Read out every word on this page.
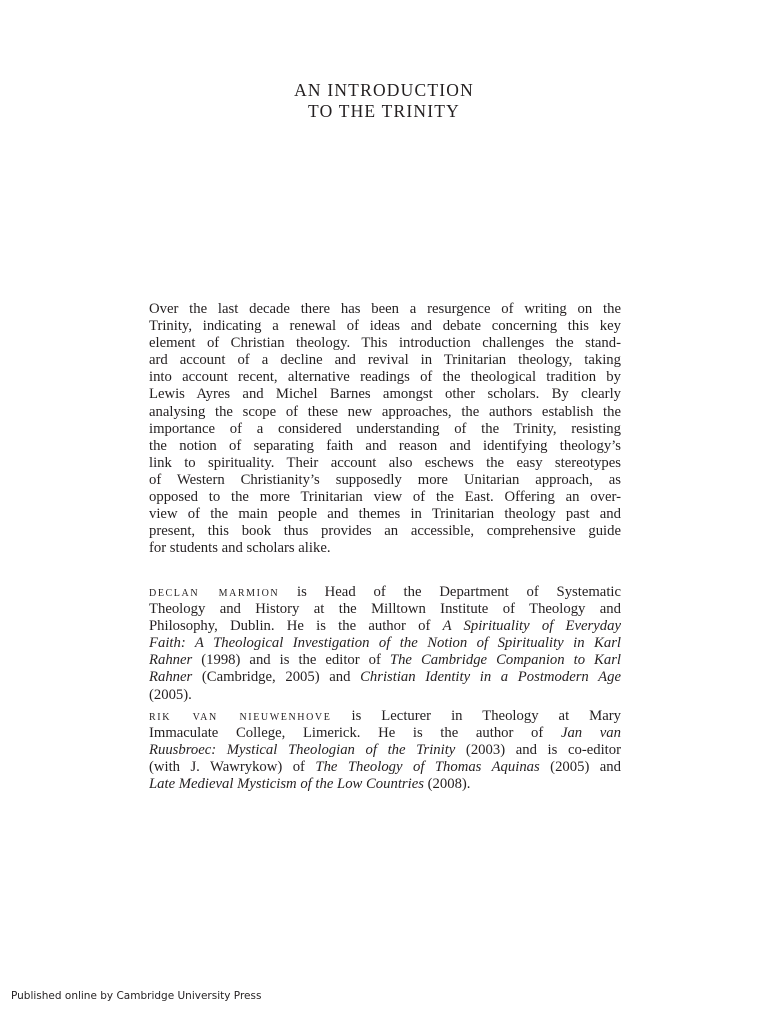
AN INTRODUCTION
TO THE TRINITY
Over the last decade there has been a resurgence of writing on the
Trinity, indicating a renewal of ideas and debate concerning this key
element of Christian theology. This introduction challenges the stand-
ard account of a decline and revival in Trinitarian theology, taking
into account recent, alternative readings of the theological tradition by
Lewis Ayres and Michel Barnes amongst other scholars. By clearly
analysing the scope of these new approaches, the authors establish the
importance of a considered understanding of the Trinity, resisting
the notion of separating faith and reason and identifying theology’s
link to spirituality. Their account also eschews the easy stereotypes
of Western Christianity’s supposedly more Unitarian approach, as
opposed to the more Trinitarian view of the East. Offering an over-
view of the main people and themes in Trinitarian theology past and
present, this book thus provides an accessible, comprehensive guide
for students and scholars alike.
declan marmion is Head of the Department of Systematic
Theology and History at the Milltown Institute of Theology and
Philosophy, Dublin. He is the author of A Spirituality of Everyday
Faith: A Theological Investigation of the Notion of Spirituality in Karl
Rahner (1998) and is the editor of The Cambridge Companion to Karl
Rahner (Cambridge, 2005) and Christian Identity in a Postmodern Age
(2005).
rik van nieuwenhove is Lecturer in Theology at Mary
Immaculate College, Limerick. He is the author of Jan van
Ruusbroec: Mystical Theologian of the Trinity (2003) and is co-editor
(with J. Wawrykow) of The Theology of Thomas Aquinas (2005) and
Late Medieval Mysticism of the Low Countries (2008).
Published online by Cambridge University Press
